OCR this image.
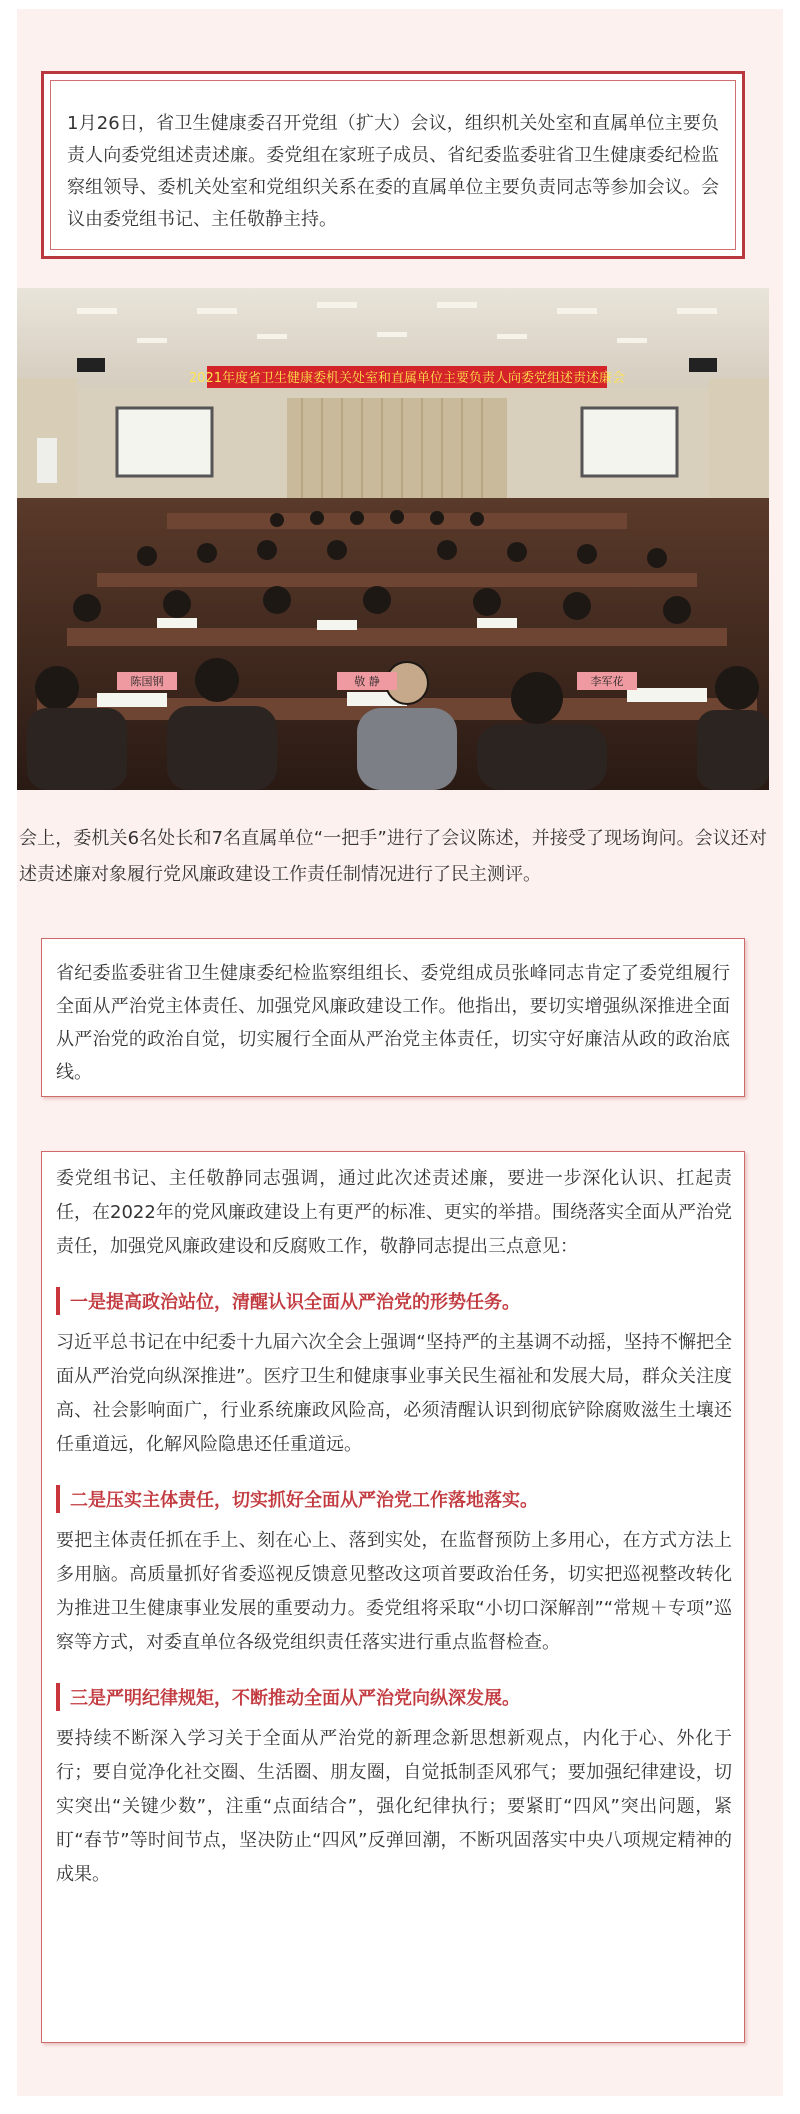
1月26日，省卫生健康委召开党组（扩大）会议，组织机关处室和直属单位主要负责人向委党组述责述廉。委党组在家班子成员、省纪委监委驻省卫生健康委纪检监察组领导、委机关处室和党组织关系在委的直属单位主要负责同志等参加会议。会议由委党组书记、主任敬静主持。

2021年度省卫生健康委机关处室和直属单位主要负责人向委党组述责述廉会
陈国钢	敬 静	李军花

会上，委机关6名处长和7名直属单位“一把手”进行了会议陈述，并接受了现场询问。会议还对述责述廉对象履行党风廉政建设工作责任制情况进行了民主测评。

省纪委监委驻省卫生健康委纪检监察组组长、委党组成员张峰同志肯定了委党组履行全面从严治党主体责任、加强党风廉政建设工作。他指出，要切实增强纵深推进全面从严治党的政治自觉，切实履行全面从严治党主体责任，切实守好廉洁从政的政治底线。

委党组书记、主任敬静同志强调，通过此次述责述廉，要进一步深化认识、扛起责任，在2022年的党风廉政建设上有更严的标准、更实的举措。围绕落实全面从严治党责任，加强党风廉政建设和反腐败工作，敬静同志提出三点意见：

一是提高政治站位，清醒认识全面从严治党的形势任务。

习近平总书记在中纪委十九届六次全会上强调“坚持严的主基调不动摇，坚持不懈把全面从严治党向纵深推进”。医疗卫生和健康事业事关民生福祉和发展大局，群众关注度高、社会影响面广，行业系统廉政风险高，必须清醒认识到彻底铲除腐败滋生土壤还任重道远，化解风险隐患还任重道远。

二是压实主体责任，切实抓好全面从严治党工作落地落实。

要把主体责任抓在手上、刻在心上、落到实处，在监督预防上多用心，在方式方法上多用脑。高质量抓好省委巡视反馈意见整改这项首要政治任务，切实把巡视整改转化为推进卫生健康事业发展的重要动力。委党组将采取“小切口深解剖”“常规＋专项”巡察等方式，对委直单位各级党组织责任落实进行重点监督检查。

三是严明纪律规矩，不断推动全面从严治党向纵深发展。

要持续不断深入学习关于全面从严治党的新理念新思想新观点，内化于心、外化于行；要自觉净化社交圈、生活圈、朋友圈，自觉抵制歪风邪气；要加强纪律建设，切实突出“关键少数”，注重“点面结合”，强化纪律执行；要紧盯“四风”突出问题，紧盯“春节”等时间节点，坚决防止“四风”反弹回潮，不断巩固落实中央八项规定精神的成果。
